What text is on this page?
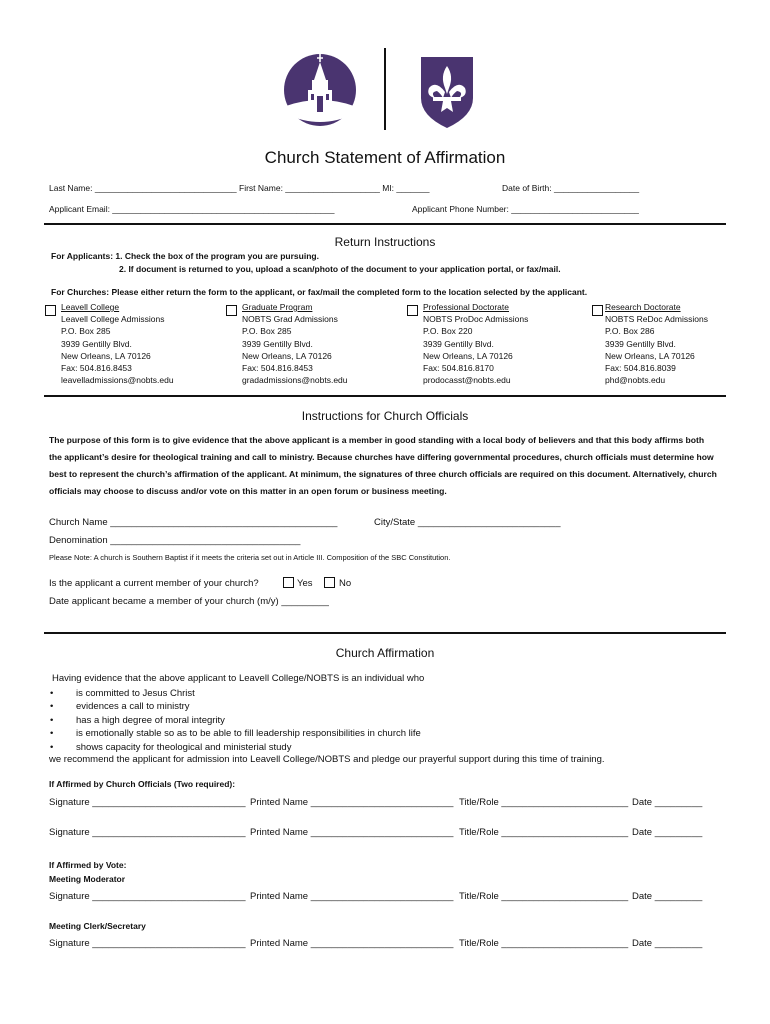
Church Statement of Affirmation
Last Name: ______________________________ First Name: ____________________ MI: _______	Date of Birth: __________________
Applicant Email: _______________________________________________	Applicant Phone Number: ___________________________
Return Instructions
For Applicants: 1. Check the box of the program you are pursuing.
2. If document is returned to you, upload a scan/photo of the document to your application portal, or fax/mail.
For Churches: Please either return the form to the applicant, or fax/mail the completed form to the location selected by the applicant.
Leavell College
Leavell College Admissions
P.O. Box 285
3939 Gentilly Blvd.
New Orleans, LA 70126
Fax: 504.816.8453
leavelladmissions@nobts.edu
Graduate Program
NOBTS Grad Admissions
P.O. Box 285
3939 Gentilly Blvd.
New Orleans, LA 70126
Fax: 504.816.8453
gradadmissions@nobts.edu
Professional Doctorate
NOBTS ProDoc Admissions
P.O. Box 220
3939 Gentilly Blvd.
New Orleans, LA 70126
Fax: 504.816.8170
prodocasst@nobts.edu
Research Doctorate
NOBTS ReDoc Admissions
P.O. Box 286
3939 Gentilly Blvd.
New Orleans, LA 70126
Fax: 504.816.8039
phd@nobts.edu
Instructions for Church Officials
The purpose of this form is to give evidence that the above applicant is a member in good standing with a local body of believers and that this body affirms both the applicant’s desire for theological training and call to ministry. Because churches have differing governmental procedures, church officials must determine how best to represent the church’s affirmation of the applicant. At minimum, the signatures of three church officials are required on this document. Alternatively, church officials may choose to discuss and/or vote on this matter in an open forum or business meeting.
Church Name ___________________________________________	City/State ___________________________
Denomination ____________________________________
Please Note: A church is Southern Baptist if it meets the criteria set out in Article III. Composition of the SBC Constitution.
Is the applicant a current member of your church?	Yes	No
Date applicant became a member of your church (m/y) _________
Church Affirmation
Having evidence that the above applicant to Leavell College/NOBTS is an individual who
• is committed to Jesus Christ
• evidences a call to ministry
• has a high degree of moral integrity
• is emotionally stable so as to be able to fill leadership responsibilities in church life
• shows capacity for theological and ministerial study
we recommend the applicant for admission into Leavell College/NOBTS and pledge our prayerful support during this time of training.
If Affirmed by Church Officials (Two required):
Signature _____________________________ Printed Name ___________________________ Title/Role ________________________ Date _________
Signature _____________________________ Printed Name ___________________________ Title/Role ________________________ Date _________
If Affirmed by Vote:
Meeting Moderator
Signature _____________________________ Printed Name ___________________________ Title/Role ________________________ Date _________
Meeting Clerk/Secretary
Signature _____________________________ Printed Name ___________________________ Title/Role ________________________ Date _________
